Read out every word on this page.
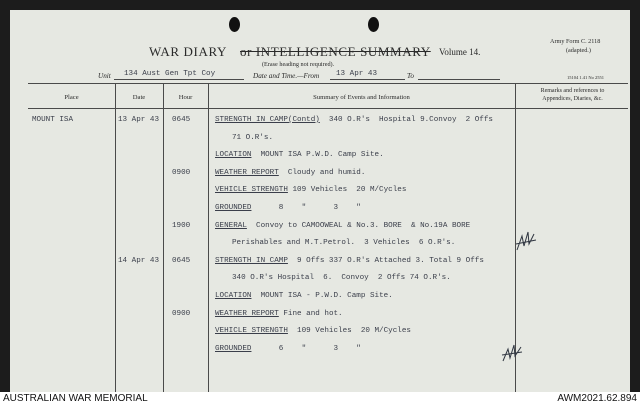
WAR DIARY or INTELLIGENCE SUMMARY Volume 14.
(Erase heading not required).
Army Form C. 2118
(adapted.)
15104 1.41 No 2551
Unit 134 Aust Gen Tpt Coy	Date and Time.—From 13 Apr 43	To
Place	Date	Hour	Summary of Events and Information
Remarks and references to
Appendices, Diaries, &c.
MOUNT ISA	13 Apr 43 0645	STRENGTH IN CAMP(Contd)  340 O.R's  Hospital 9.Convoy  2 Offs
71 O.R's.
LOCATION  MOUNT ISA P.W.D. Camp Site.
0900	WEATHER REPORT  Cloudy and humid.
VEHICLE STRENGTH 109 Vehicles  20 M/Cycles
GROUNDED      8    "      3    "
1900	GENERAL  Convoy to CAMOOWEAL & No.3. BORE  & No.19A BORE
Perishables and M.T.Petrol.  3 Vehicles  6 O.R's.
14 Apr 43 0645	STRENGTH IN CAMP  9 Offs 337 O.R's Attached 3. Total 9 Offs
340 O.R's Hospital  6.  Convoy  2 Offs 74 O.R's.
LOCATION  MOUNT ISA - P.W.D. Camp Site.
0900	WEATHER REPORT Fine and hot.
VEHICLE STRENGTH  109 Vehicles  20 M/Cycles
GROUNDED      6    "      3    "
AUSTRALIAN WAR MEMORIAL	AWM2021.62.894
